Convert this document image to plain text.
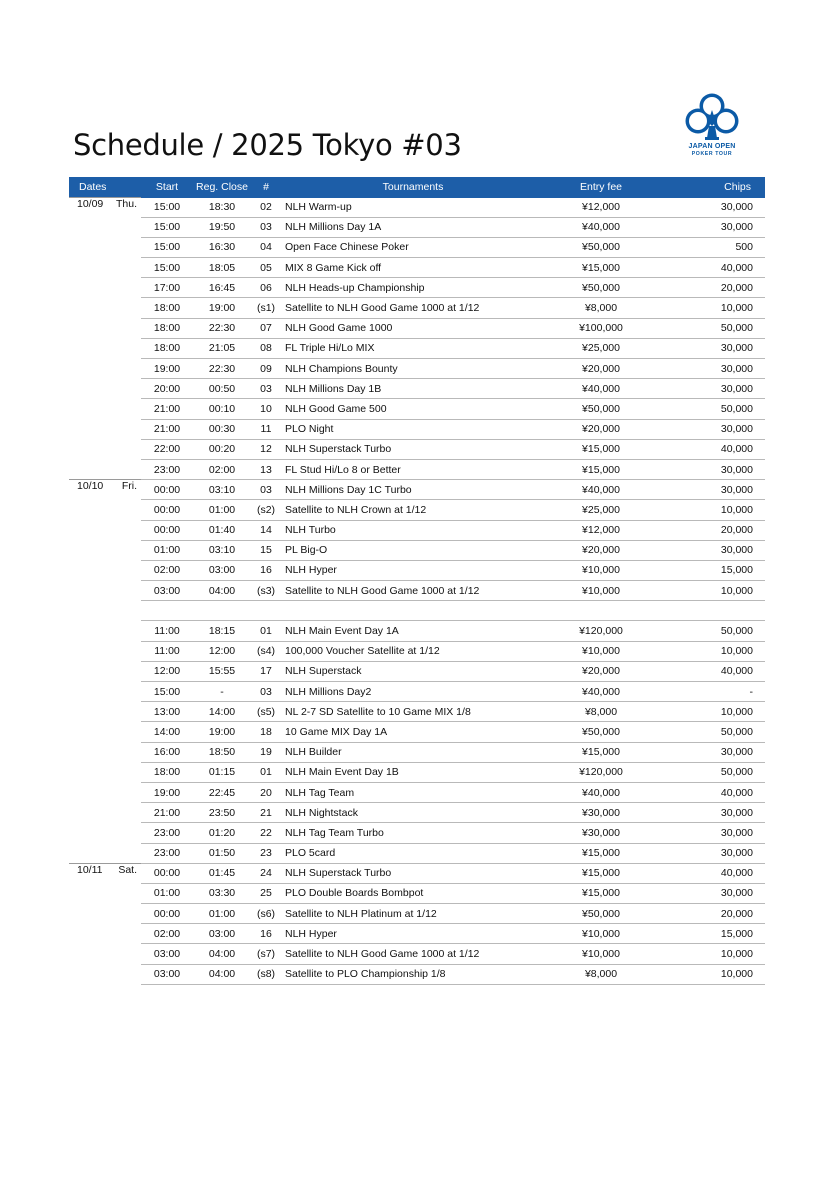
Schedule / 2025 Tokyo #03	JAPAN OPEN
POKER TOUR
Dates		Start	Reg. Close	#	Tournaments	Entry fee	Chips
10/09	Thu.	15:00	18:30	02	NLH Warm-up	¥12,000	30,000
		15:00	19:50	03	NLH Millions Day 1A	¥40,000	30,000
		15:00	16:30	04	Open Face Chinese Poker	¥50,000	500
		15:00	18:05	05	MIX 8 Game Kick off	¥15,000	40,000
		17:00	16:45	06	NLH Heads-up Championship	¥50,000	20,000
		18:00	19:00	(s1)	Satellite to NLH Good Game 1000 at 1/12	¥8,000	10,000
		18:00	22:30	07	NLH Good Game 1000	¥100,000	50,000
		18:00	21:05	08	FL Triple Hi/Lo MIX	¥25,000	30,000
		19:00	22:30	09	NLH Champions Bounty	¥20,000	30,000
		20:00	00:50	03	NLH Millions Day 1B	¥40,000	30,000
		21:00	00:10	10	NLH Good Game 500	¥50,000	50,000
		21:00	00:30	11	PLO Night	¥20,000	30,000
		22:00	00:20	12	NLH Superstack Turbo	¥15,000	40,000
		23:00	02:00	13	FL Stud Hi/Lo 8 or Better	¥15,000	30,000
10/10	Fri.	00:00	03:10	03	NLH Millions Day 1C Turbo	¥40,000	30,000
		00:00	01:00	(s2)	Satellite to NLH Crown at 1/12	¥25,000	10,000
		00:00	01:40	14	NLH Turbo	¥12,000	20,000
		01:00	03:10	15	PL Big-O	¥20,000	30,000
		02:00	03:00	16	NLH Hyper	¥10,000	15,000
		03:00	04:00	(s3)	Satellite to NLH Good Game 1000 at 1/12	¥10,000	10,000

		11:00	18:15	01	NLH Main Event Day 1A	¥120,000	50,000
		11:00	12:00	(s4)	100,000 Voucher Satellite at 1/12	¥10,000	10,000
		12:00	15:55	17	NLH Superstack	¥20,000	40,000
		15:00	-	03	NLH Millions Day2	¥40,000	-
		13:00	14:00	(s5)	NL 2-7 SD Satellite to 10 Game MIX 1/8	¥8,000	10,000
		14:00	19:00	18	10 Game MIX Day 1A	¥50,000	50,000
		16:00	18:50	19	NLH Builder	¥15,000	30,000
		18:00	01:15	01	NLH Main Event Day 1B	¥120,000	50,000
		19:00	22:45	20	NLH Tag Team	¥40,000	40,000
		21:00	23:50	21	NLH Nightstack	¥30,000	30,000
		23:00	01:20	22	NLH Tag Team Turbo	¥30,000	30,000
		23:00	01:50	23	PLO 5card	¥15,000	30,000
10/11	Sat.	00:00	01:45	24	NLH Superstack Turbo	¥15,000	40,000
		01:00	03:30	25	PLO Double Boards Bombpot	¥15,000	30,000
		00:00	01:00	(s6)	Satellite to NLH Platinum at 1/12	¥50,000	20,000
		02:00	03:00	16	NLH Hyper	¥10,000	15,000
		03:00	04:00	(s7)	Satellite to NLH Good Game 1000 at 1/12	¥10,000	10,000
		03:00	04:00	(s8)	Satellite to PLO Championship 1/8	¥8,000	10,000
